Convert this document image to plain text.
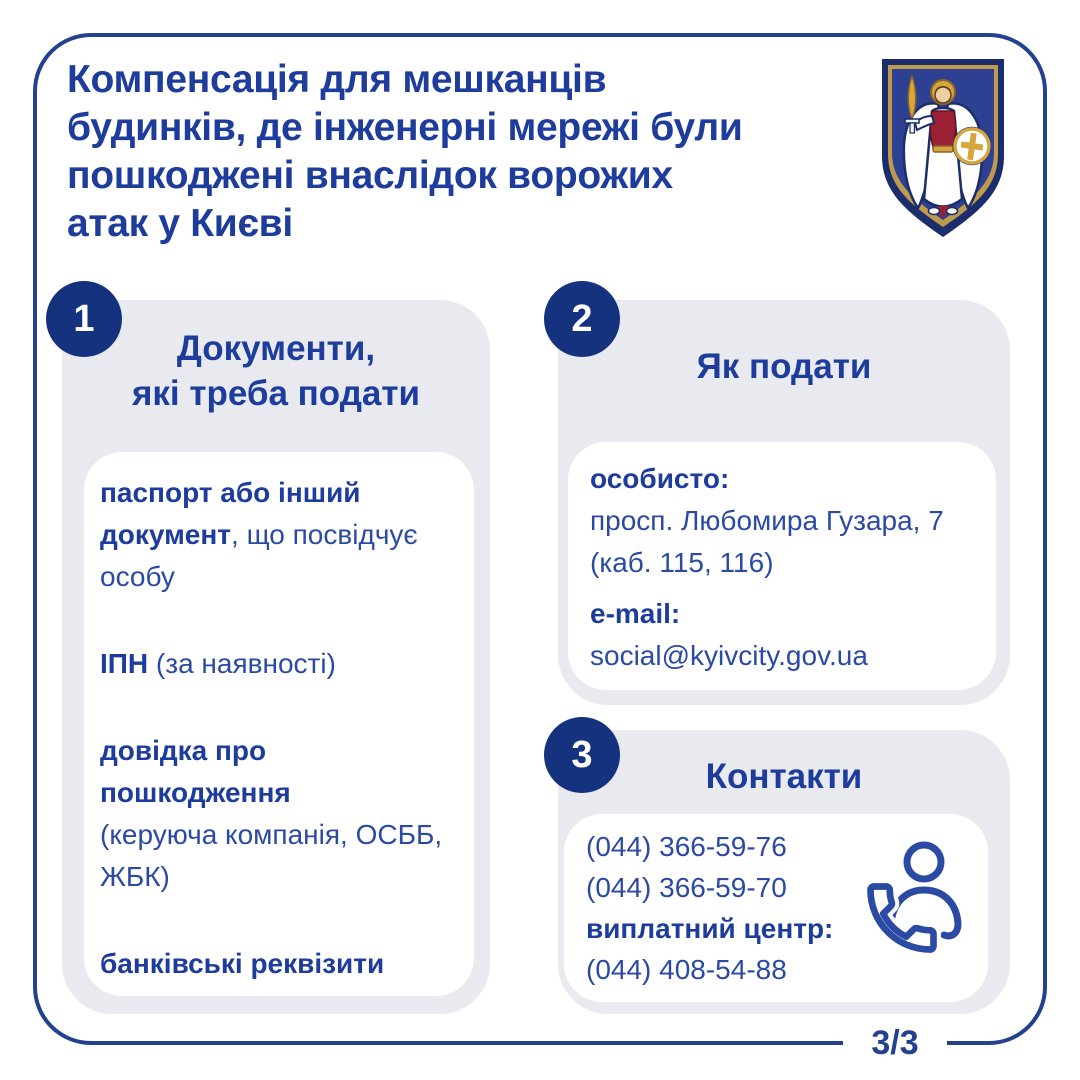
Компенсація для мешканців
будинків, де інженерні мережі були
пошкоджені внаслідок ворожих
атак у Києві
1
Документи,
які треба подати
паспорт або інший документ, що посвідчує особу
ІПН (за наявності)
довідка про пошкодження
(керуюча компанія, ОСББ, ЖБК)
банківські реквізити
2
Як подати
особисто:
просп. Любомира Гузара, 7 (каб. 115, 116)
e-mail:
social@kyivcity.gov.ua
3
Контакти
(044) 366-59-76
(044) 366-59-70
виплатний центр:
(044) 408-54-88
3/3
